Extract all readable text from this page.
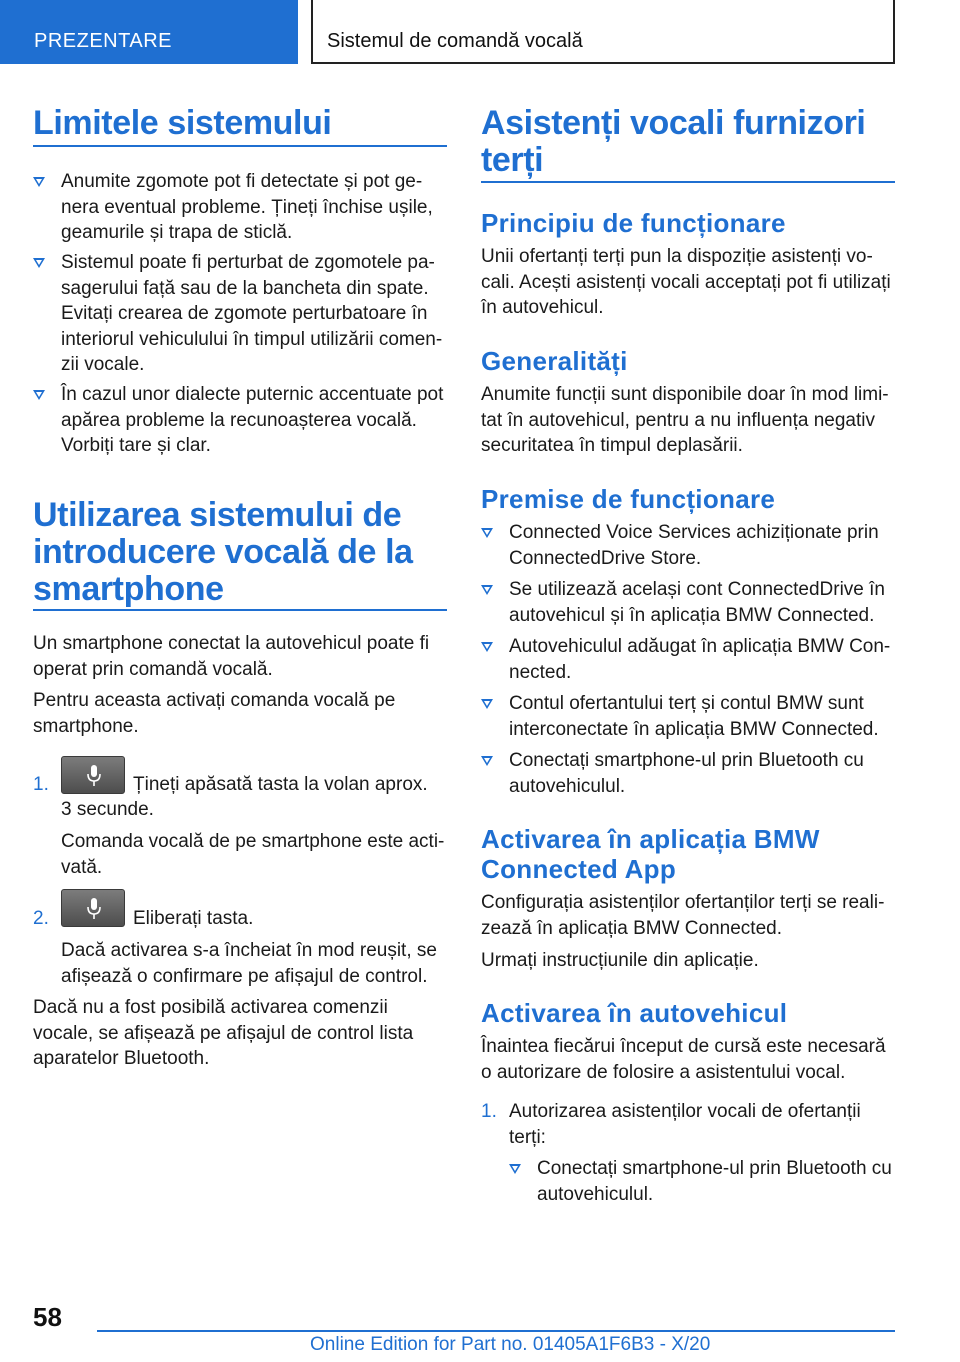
PREZENTARE	Sistemul de comandă vocală
Limitele sistemului
Anumite zgomote pot fi detectate și pot ge-nera eventual probleme. Țineți închise ușile, geamurile și trapa de sticlă.
Sistemul poate fi perturbat de zgomotele pa-sagerului față sau de la bancheta din spate. Evitați crearea de zgomote perturbatoare în interiorul vehiculului în timpul utilizării comen-zii vocale.
În cazul unor dialecte puternic accentuate pot apărea probleme la recunoașterea vocală. Vorbiți tare și clar.
Utilizarea sistemului de
introducere vocală de la
smartphone
Un smartphone conectat la autovehicul poate fi operat prin comandă vocală.
Pentru aceasta activați comanda vocală pe smartphone.
1.	Țineți apăsată tasta la volan aprox.
3 secunde.
Comanda vocală de pe smartphone este acti-vată.
2.	Eliberați tasta.
Dacă activarea s-a încheiat în mod reușit, se afișează o confirmare pe afișajul de control.
Dacă nu a fost posibilă activarea comenzii vocale, se afișează pe afișajul de control lista aparatelor Bluetooth.
Asistenți vocali furnizori
terți
Principiu de funcționare
Unii ofertanți terți pun la dispoziție asistenți vo-cali. Acești asistenți vocali acceptați pot fi utilizați în autovehicul.
Generalități
Anumite funcții sunt disponibile doar în mod limi-tat în autovehicul, pentru a nu influența negativ securitatea în timpul deplasării.
Premise de funcționare
Connected Voice Services achiziționate prin ConnectedDrive Store.
Se utilizează același cont ConnectedDrive în autovehicul și în aplicația BMW Connected.
Autovehiculul adăugat în aplicația BMW Con-nected.
Contul ofertantului terț și contul BMW sunt interconectate în aplicația BMW Connected.
Conectați smartphone-ul prin Bluetooth cu autovehiculul.
Activarea în aplicația BMW
Connected App
Configurația asistenților ofertanților terți se reali-zează în aplicația BMW Connected.
Urmați instrucțiunile din aplicație.
Activarea în autovehicul
Înaintea fiecărui început de cursă este necesară o autorizare de folosire a asistentului vocal.
1. Autorizarea asistenților vocali de ofertanții terți:
Conectați smartphone-ul prin Bluetooth cu autovehiculul.
58
Online Edition for Part no. 01405A1F6B3 - X/20
